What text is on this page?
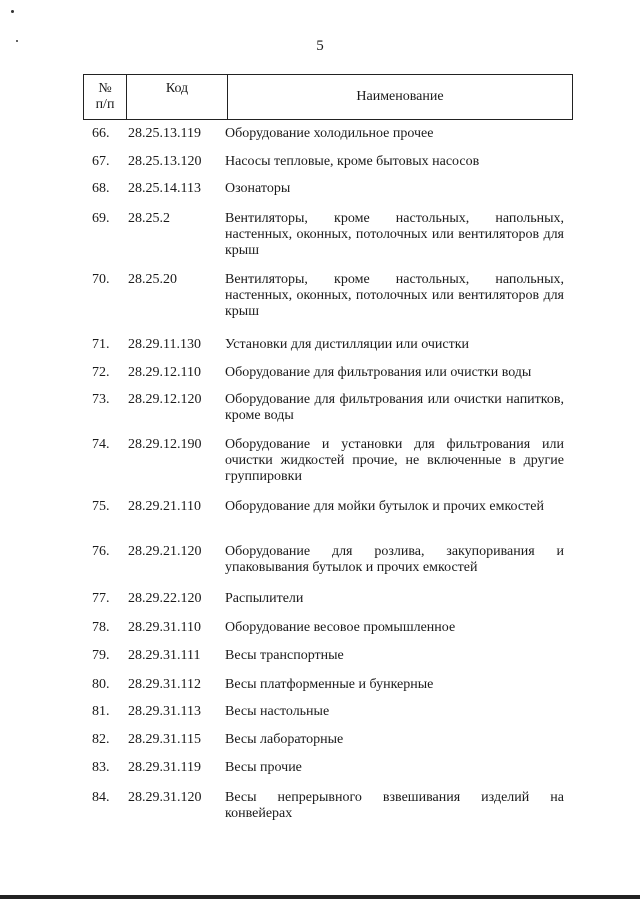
5
№
п/п
Код
Наименование
66. 28.25.13.119 Оборудование холодильное прочее
67. 28.25.13.120 Насосы тепловые, кроме бытовых насосов
68. 28.25.14.113 Озонаторы
69. 28.25.2	Вентиляторы, кроме настольных, напольных, настенных, оконных, потолочных или вентиляторов для крыш
70. 28.25.20	Вентиляторы, кроме настольных, напольных, настенных, оконных, потолочных или вентиляторов для крыш
71. 28.29.11.130 Установки для дистилляции или очистки
72. 28.29.12.110 Оборудование для фильтрования или очистки воды
73. 28.29.12.120 Оборудование для фильтрования или очистки напитков, кроме воды
74. 28.29.12.190 Оборудование и установки для фильтрования или очистки жидкостей прочие, не включенные в другие группировки
75. 28.29.21.110 Оборудование для мойки бутылок и прочих емкостей
76. 28.29.21.120 Оборудование для розлива, закупоривания и упаковывания бутылок и прочих емкостей
77. 28.29.22.120 Распылители
78. 28.29.31.110 Оборудование весовое промышленное
79. 28.29.31.111 Весы транспортные
80. 28.29.31.112 Весы платформенные и бункерные
81. 28.29.31.113 Весы настольные
82. 28.29.31.115 Весы лабораторные
83. 28.29.31.119 Весы прочие
84. 28.29.31.120 Весы непрерывного взвешивания изделий на конвейерах
